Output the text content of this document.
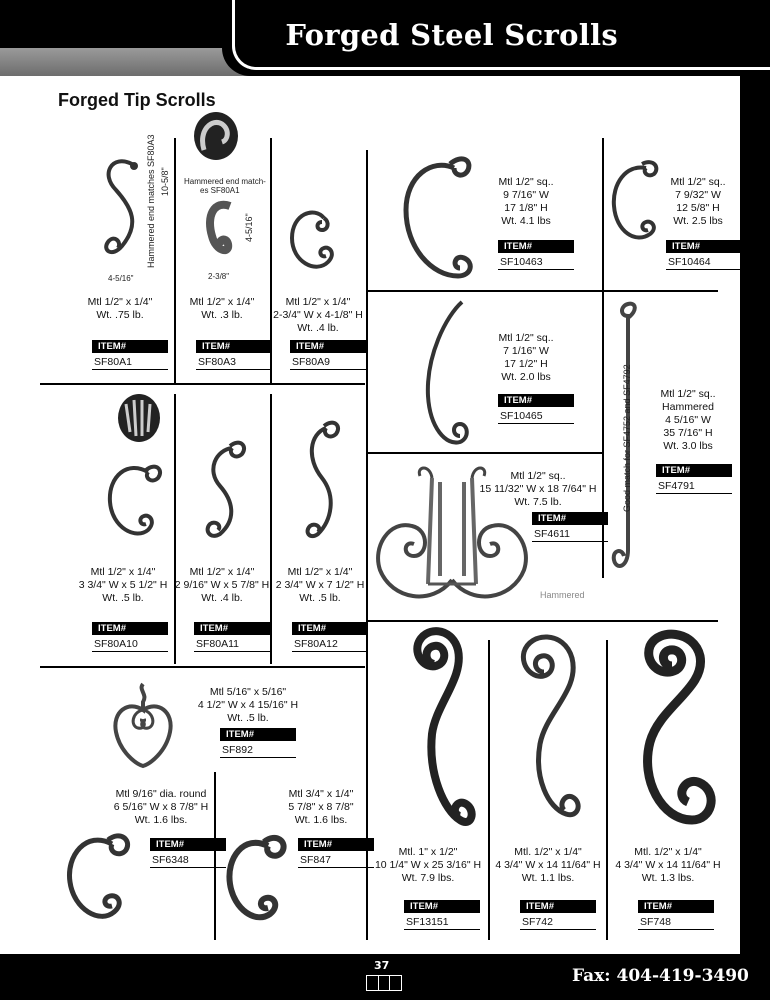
Forged Steel Scrolls
Forged Tip Scrolls
Hammered end matches SF80A3 10-5/8"
4-5/16"
Mtl 1/2" x 1/4"
Wt. .75 lb.
ITEM#
SF80A1
Hammered end match-
es SF80A1
4-5/16"
2-3/8"
Mtl 1/2" x 1/4"
Wt. .3 lb.
ITEM#
SF80A3
Mtl 1/2" x 1/4"
2-3/4" W x 4-1/8" H
Wt. .4 lb.
ITEM#
SF80A9
Mtl 1/2" sq..
9 7/16" W
17 1/8" H
Wt. 4.1 lbs
ITEM#
SF10463
Mtl 1/2" sq..
7 9/32" W
12 5/8" H
Wt. 2.5 lbs
ITEM#
SF10464
Mtl 1/2" sq..
7 1/16" W
17 1/2" H
Wt. 2.0 lbs
ITEM#
SF10465	Good match for SF4752 and SF4792	Mtl 1/2" sq..
Hammered
4 5/16" W
35 7/16" H
Wt. 3.0 lbs
ITEM#
SF4791
Mtl 1/2" sq..
15 11/32" W x 18 7/64" H
Wt. 7.5 lb.
ITEM#
SF4611
Hammered
Mtl 1/2" x 1/4"
3 3/4" W x 5 1/2" H
Wt. .5 lb.
ITEM#
SF80A10
Mtl 1/2" x 1/4"
2 9/16" W x 5 7/8" H
Wt. .4 lb.
ITEM#
SF80A11
Mtl 1/2" x 1/4"
2 3/4" W x 7 1/2" H
Wt. .5 lb.
ITEM#
SF80A12
Mtl 5/16" x 5/16"
4 1/2" W x 4 15/16" H
Wt. .5 lb.
ITEM#
SF892
Mtl 9/16" dia. round
6 5/16" W x 8 7/8" H
Wt. 1.6 lbs.
ITEM#
SF6348
Mtl 3/4" x 1/4"
5 7/8" x 8 7/8"
Wt. 1.6 lbs.
ITEM#
SF847
Mtl. 1" x 1/2"
10 1/4" W x 25 3/16" H
Wt. 7.9 lbs.
ITEM#
SF13151
Mtl. 1/2" x 1/4"
4 3/4" W x 14 11/64" H
Wt. 1.1 lbs.
ITEM#
SF742
Mtl. 1/2" x 1/4"
4 3/4" W x 14 11/64" H
Wt. 1.3 lbs.
ITEM#
SF748
37
Fax: 404-419-3490
